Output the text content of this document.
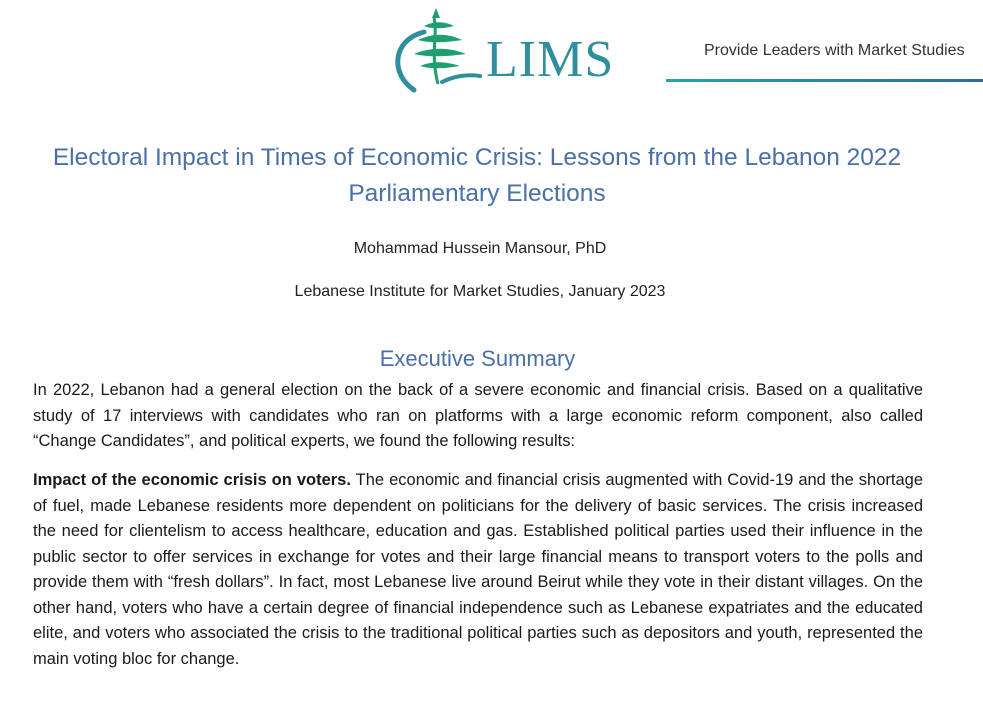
LIMS	Provide Leaders with Market Studies
Electoral Impact in Times of Economic Crisis: Lessons from the Lebanon 2022 Parliamentary Elections
Mohammad Hussein Mansour, PhD
Lebanese Institute for Market Studies, January 2023
Executive Summary
In 2022, Lebanon had a general election on the back of a severe economic and financial crisis. Based on a qualitative study of 17 interviews with candidates who ran on platforms with a large economic reform component, also called “Change Candidates”, and political experts, we found the following results:
Impact of the economic crisis on voters. The economic and financial crisis augmented with Covid-19 and the shortage of fuel, made Lebanese residents more dependent on politicians for the delivery of basic services. The crisis increased the need for clientelism to access healthcare, education and gas. Established political parties used their influence in the public sector to offer services in exchange for votes and their large financial means to transport voters to the polls and provide them with “fresh dollars”. In fact, most Lebanese live around Beirut while they vote in their distant villages. On the other hand, voters who have a certain degree of financial independence such as Lebanese expatriates and the educated elite, and voters who associated the crisis to the traditional political parties such as depositors and youth, represented the main voting bloc for change.
